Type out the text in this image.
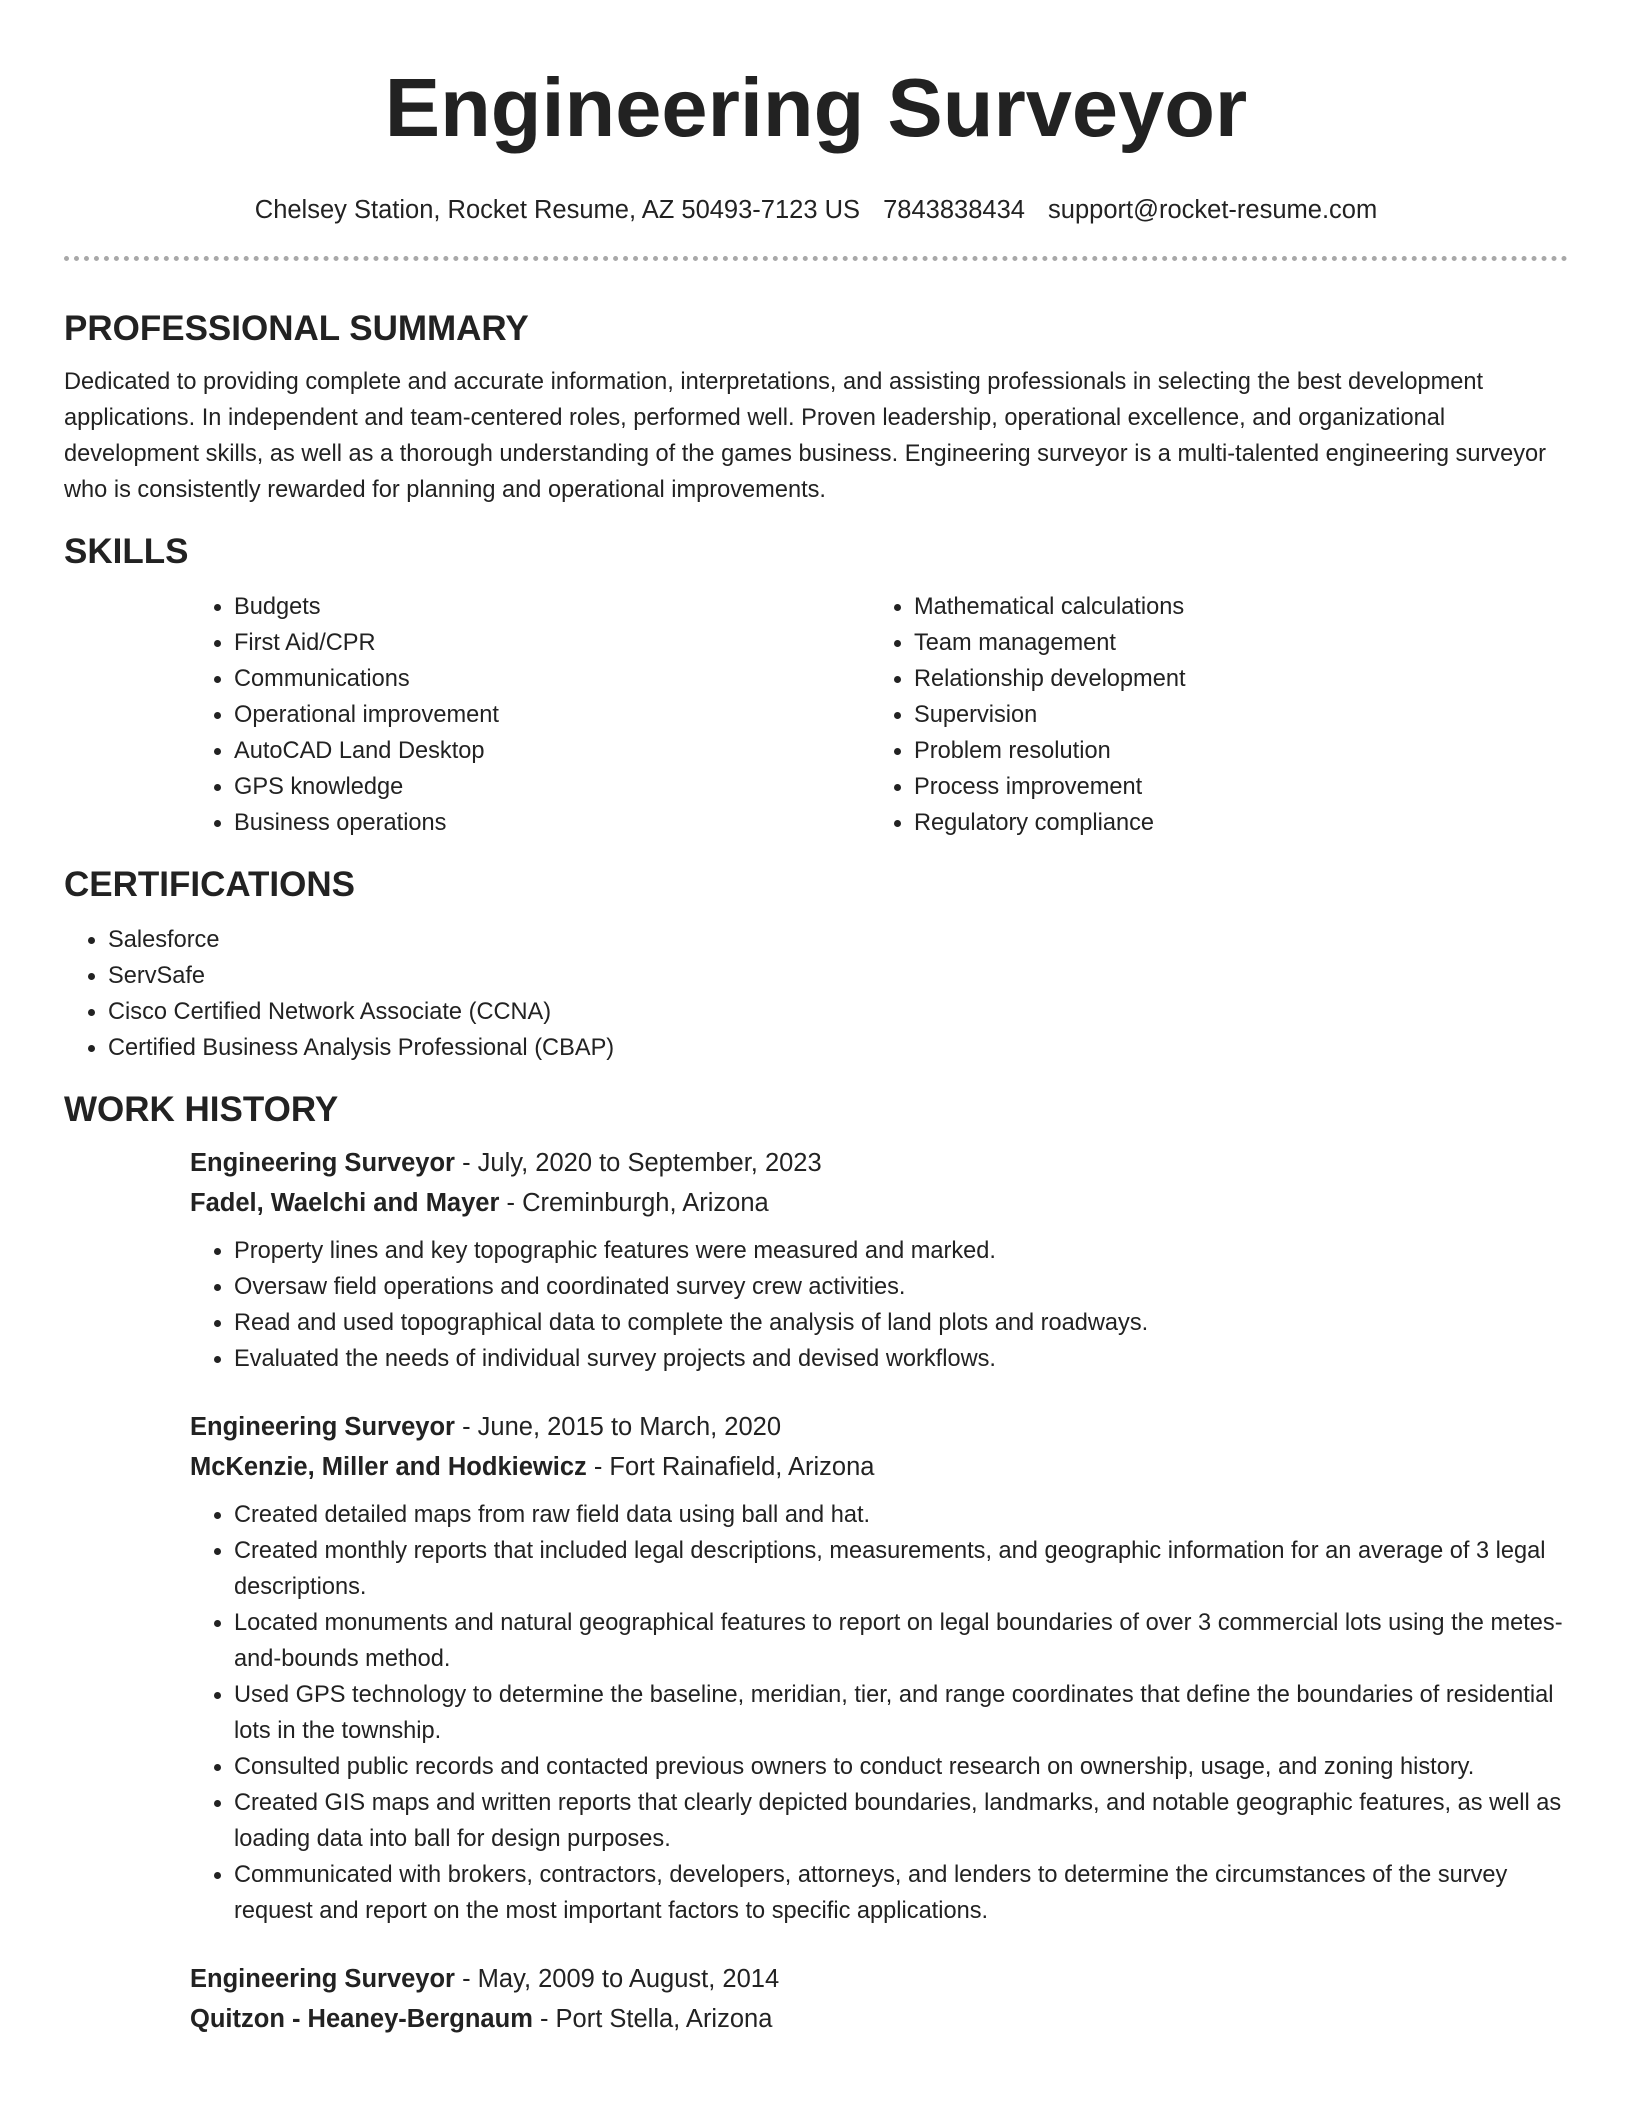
Engineering Surveyor
Chelsey Station, Rocket Resume, AZ 50493-7123 US 7843838434 support@rocket-resume.com
PROFESSIONAL SUMMARY

Dedicated to providing complete and accurate information, interpretations, and assisting professionals in selecting the best development applications. In independent and team-centered roles, performed well. Proven leadership, operational excellence, and organizational development skills, as well as a thorough understanding of the games business. Engineering surveyor is a multi-talented engineering surveyor who is consistently rewarded for planning and operational improvements.

SKILLS
• Budgets
• First Aid/CPR
• Communications
• Operational improvement
• AutoCAD Land Desktop
• GPS knowledge
• Business operations
• Mathematical calculations
• Team management
• Relationship development
• Supervision
• Problem resolution
• Process improvement
• Regulatory compliance
CERTIFICATIONS
• Salesforce
• ServSafe
• Cisco Certified Network Associate (CCNA)
• Certified Business Analysis Professional (CBAP)
WORK HISTORY
Engineering Surveyor - July, 2020 to September, 2023
Fadel, Waelchi and Mayer - Creminburgh, Arizona
• Property lines and key topographic features were measured and marked.
• Oversaw field operations and coordinated survey crew activities.
• Read and used topographical data to complete the analysis of land plots and roadways.
• Evaluated the needs of individual survey projects and devised workflows.
Engineering Surveyor - June, 2015 to March, 2020
McKenzie, Miller and Hodkiewicz - Fort Rainafield, Arizona
• Created detailed maps from raw field data using ball and hat.
• Created monthly reports that included legal descriptions, measurements, and geographic information for an average of 3 legal descriptions.
• Located monuments and natural geographical features to report on legal boundaries of over 3 commercial lots using the metes-and-bounds method.
• Used GPS technology to determine the baseline, meridian, tier, and range coordinates that define the boundaries of residential lots in the township.
• Consulted public records and contacted previous owners to conduct research on ownership, usage, and zoning history.
• Created GIS maps and written reports that clearly depicted boundaries, landmarks, and notable geographic features, as well as loading data into ball for design purposes.
• Communicated with brokers, contractors, developers, attorneys, and lenders to determine the circumstances of the survey request and report on the most important factors to specific applications.
Engineering Surveyor - May, 2009 to August, 2014
Quitzon - Heaney-Bergnaum - Port Stella, Arizona
